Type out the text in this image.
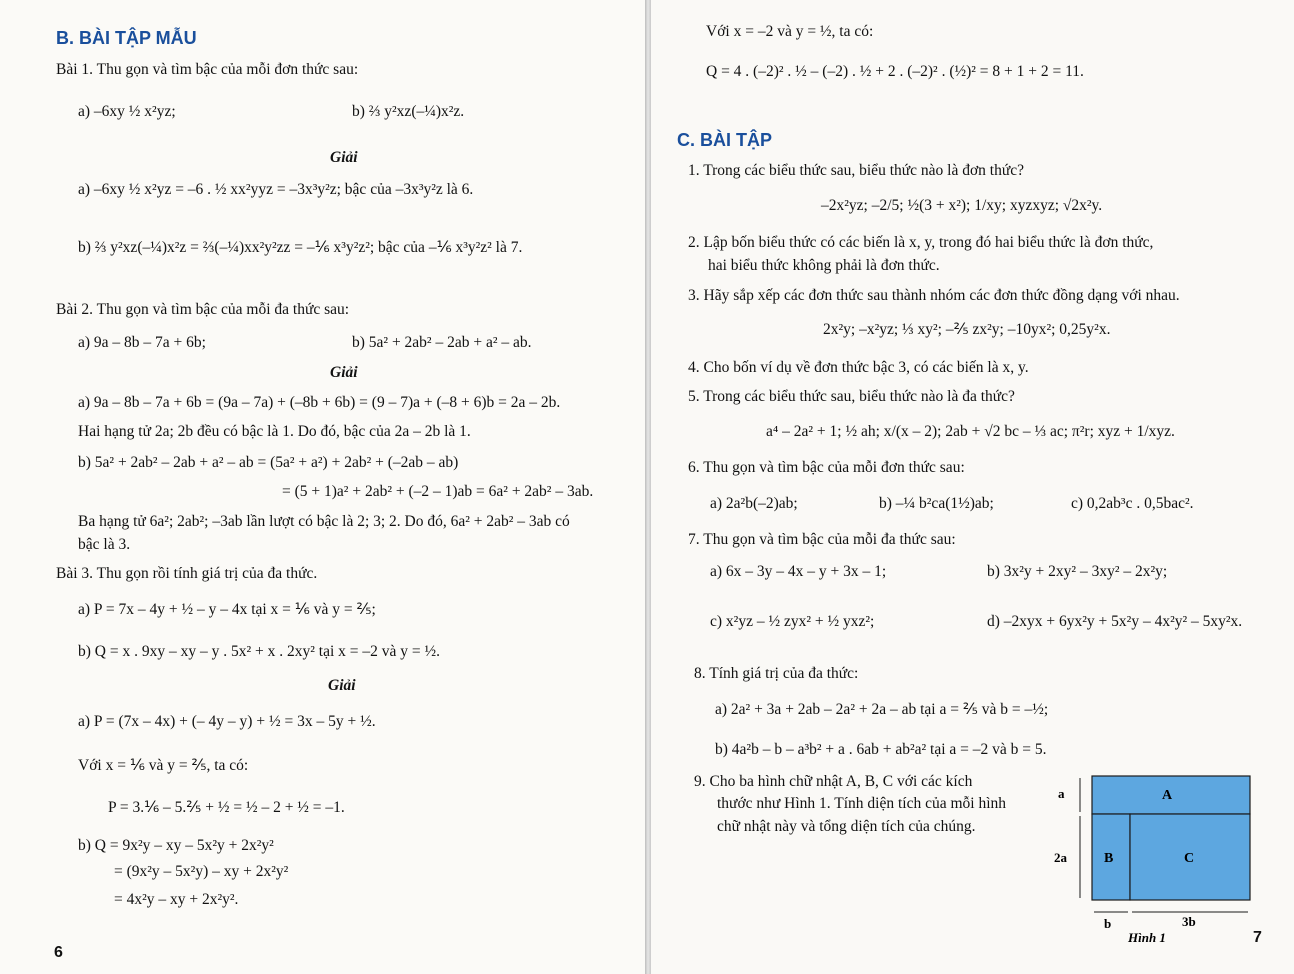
B. BÀI TẬP MẪU
Bài 1. Thu gọn và tìm bậc của mỗi đơn thức sau:
a) –6xy ½ x²yz;	b) ⅔ y²xz(–¼)x²z.
Giải
a) –6xy ½ x²yz = –6 . ½ xx²yyz = –3x³y²z; bậc của –3x³y²z là 6.
b) ⅔ y²xz(–¼)x²z = ⅔(–¼)xx²y²zz = –⅙ x³y²z²; bậc của –⅙ x³y²z² là 7.
Bài 2. Thu gọn và tìm bậc của mỗi đa thức sau:
a) 9a – 8b – 7a + 6b;	b) 5a² + 2ab² – 2ab + a² – ab.
Giải
a) 9a – 8b – 7a + 6b = (9a – 7a) + (–8b + 6b) = (9 – 7)a + (–8 + 6)b = 2a – 2b.
Hai hạng tử 2a; 2b đều có bậc là 1. Do đó, bậc của 2a – 2b là 1.
b) 5a² + 2ab² – 2ab + a² – ab = (5a² + a²) + 2ab² + (–2ab – ab)
= (5 + 1)a² + 2ab² + (–2 – 1)ab = 6a² + 2ab² – 3ab.
Ba hạng tử 6a²; 2ab²; –3ab lần lượt có bậc là 2; 3; 2. Do đó, 6a² + 2ab² – 3ab có
bậc là 3.
Bài 3. Thu gọn rồi tính giá trị của đa thức.
a) P = 7x – 4y + ½ – y – 4x tại x = ⅙ và y = ⅖;
b) Q = x . 9xy – xy – y . 5x² + x . 2xy² tại x = –2 và y = ½.
Giải
a) P = (7x – 4x) + (– 4y – y) + ½ = 3x – 5y + ½.
Với x = ⅙ và y = ⅖, ta có:
P = 3.⅙ – 5.⅖ + ½ = ½ – 2 + ½ = –1.
b) Q = 9x²y – xy – 5x²y + 2x²y²
= (9x²y – 5x²y) – xy + 2x²y²
= 4x²y – xy + 2x²y².
6
Với x = –2 và y = ½, ta có:
Q = 4 . (–2)² . ½ – (–2) . ½ + 2 . (–2)² . (½)² = 8 + 1 + 2 = 11.
C. BÀI TẬP
1. Trong các biểu thức sau, biểu thức nào là đơn thức?
–2x²yz; –2/5; ½(3 + x²); 1/xy; xyzxyz; √2x²y.
2. Lập bốn biểu thức có các biến là x, y, trong đó hai biểu thức là đơn thức,
hai biểu thức không phải là đơn thức.
3. Hãy sắp xếp các đơn thức sau thành nhóm các đơn thức đồng dạng với nhau.
2x²y; –x²yz; ⅓ xy²; –⅖ zx²y; –10yx²; 0,25y²x.
4. Cho bốn ví dụ về đơn thức bậc 3, có các biến là x, y.
5. Trong các biểu thức sau, biểu thức nào là đa thức?
a⁴ – 2a² + 1; ½ ah; x/(x – 2); 2ab + √2 bc – ⅓ ac; π²r; xyz + 1/xyz.
6. Thu gọn và tìm bậc của mỗi đơn thức sau:
a) 2a²b(–2)ab;	b) –¼ b²ca(1½)ab;	c) 0,2ab³c . 0,5bac².
7. Thu gọn và tìm bậc của mỗi đa thức sau:
a) 6x – 3y – 4x – y + 3x – 1;	b) 3x²y + 2xy² – 3xy² – 2x²y;
c) x²yz – ½ zyx² + ½ yxz²;	d) –2xyx + 6yx²y + 5x²y – 4x²y² – 5xy²x.
8. Tính giá trị của đa thức:
a) 2a² + 3a + 2ab – 2a² + 2a – ab tại a = ⅖ và b = –½;
b) 4a²b – b – a³b² + a . 6ab + ab²a² tại a = –2 và b = 5.
9. Cho ba hình chữ nhật A, B, C với các kích
thước như Hình 1. Tính diện tích của mỗi hình
chữ nhật này và tổng diện tích của chúng.
7
A
B	C
a
2a
b	3b
Hình 1
